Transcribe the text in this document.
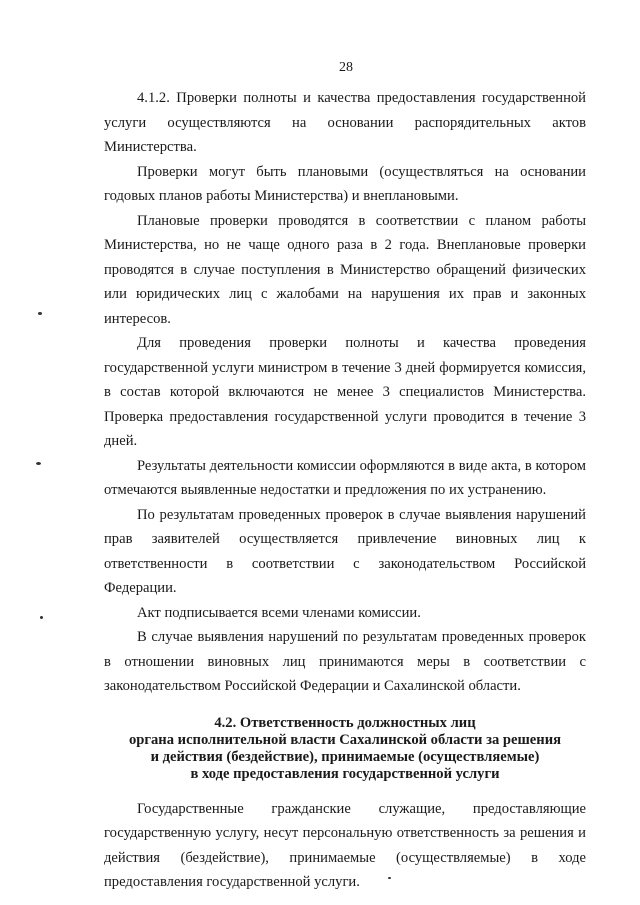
28

4.1.2. Проверки полноты и качества предоставления государственной услуги осуществляются на основании распорядительных актов Министерства.

Проверки могут быть плановыми (осуществляться на основании годовых планов работы Министерства) и внеплановыми.

Плановые проверки проводятся в соответствии с планом работы Министерства, но не чаще одного раза в 2 года. Внеплановые проверки проводятся в случае поступления в Министерство обращений физических или юридических лиц с жалобами на нарушения их прав и законных интересов.

Для проведения проверки полноты и качества проведения государственной услуги министром в течение 3 дней формируется комиссия, в состав которой включаются не менее 3 специалистов Министерства. Проверка предоставления государственной услуги проводится в течение 3 дней.

Результаты деятельности комиссии оформляются в виде акта, в котором отмечаются выявленные недостатки и предложения по их устранению.

По результатам проведенных проверок в случае выявления нарушений прав заявителей осуществляется привлечение виновных лиц к ответственности в соответствии с законодательством Российской Федерации.

Акт подписывается всеми членами комиссии.

В случае выявления нарушений по результатам проведенных проверок в отношении виновных лиц принимаются меры в соответствии с законодательством Российской Федерации и Сахалинской области.

4.2. Ответственность должностных лиц
органа исполнительной власти Сахалинской области за решения
и действия (бездействие), принимаемые (осуществляемые)
в ходе предоставления государственной услуги

Государственные гражданские служащие, предоставляющие государственную услугу, несут персональную ответственность за решения и действия (бездействие), принимаемые (осуществляемые) в ходе предоставления государственной услуги.
